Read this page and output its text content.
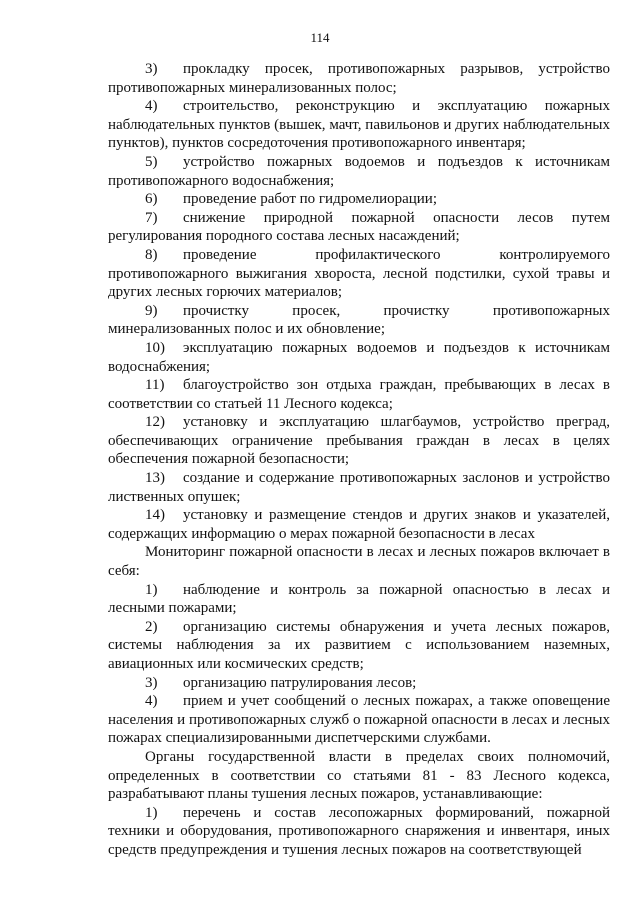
114

3) прокладку просек, противопожарных разрывов, устройство противопожарных минерализованных полос;

4) строительство, реконструкцию и эксплуатацию пожарных наблюдательных пунктов (вышек, мачт, павильонов и других наблюдательных пунктов), пунктов сосредоточения противопожарного инвентаря;

5) устройство пожарных водоемов и подъездов к источникам противопожарного водоснабжения;

6) проведение работ по гидромелиорации;

7) снижение природной пожарной опасности лесов путем регулирования породного состава лесных насаждений;

8) проведение профилактического контролируемого противопожарного выжигания хвороста, лесной подстилки, сухой травы и других лесных горючих материалов;

9) прочистку просек, прочистку противопожарных минерализованных полос и их обновление;

10) эксплуатацию пожарных водоемов и подъездов к источникам водоснабжения;

11) благоустройство зон отдыха граждан, пребывающих в лесах в соответствии со статьей 11 Лесного кодекса;

12) установку и эксплуатацию шлагбаумов, устройство преград, обеспечивающих ограничение пребывания граждан в лесах в целях обеспечения пожарной безопасности;

13) создание и содержание противопожарных заслонов и устройство лиственных опушек;

14) установку и размещение стендов и других знаков и указателей, содержащих информацию о мерах пожарной безопасности в лесах

Мониторинг пожарной опасности в лесах и лесных пожаров включает в себя:

1) наблюдение и контроль за пожарной опасностью в лесах и лесными пожарами;

2) организацию системы обнаружения и учета лесных пожаров, системы наблюдения за их развитием с использованием наземных, авиационных или космических средств;

3) организацию патрулирования лесов;

4) прием и учет сообщений о лесных пожарах, а также оповещение населения и противопожарных служб о пожарной опасности в лесах и лесных пожарах специализированными диспетчерскими службами.

Органы государственной власти в пределах своих полномочий, определенных в соответствии со статьями 81 - 83 Лесного кодекса, разрабатывают планы тушения лесных пожаров, устанавливающие:

1) перечень и состав лесопожарных формирований, пожарной техники и оборудования, противопожарного снаряжения и инвентаря, иных средств предупреждения и тушения лесных пожаров на соответствующей
